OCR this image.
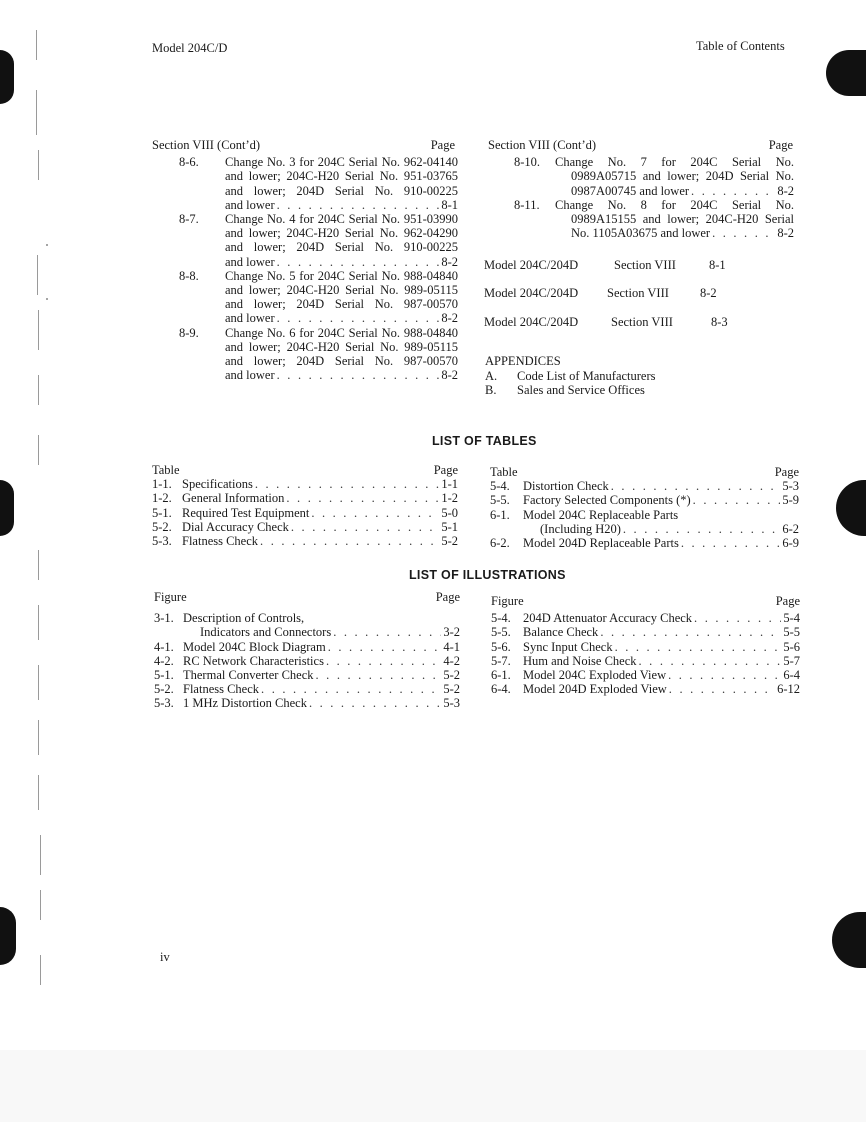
Model 204C/D	Table of Contents
Section VIII (Cont’d)	Page
8-6. Change No. 3 for 204C Serial No. 962-04140
and lower; 204C-H20 Serial No. 951-03765
and lower; 204D Serial No. 910-00225
and lower . . .	8-1
8-7. Change No. 4 for 204C Serial No. 951-03990
and lower; 204C-H20 Serial No. 962-04290
and lower; 204D Serial No. 910-00225
and lower . . .	8-2
8-8. Change No. 5 for 204C Serial No. 988-04840
and lower; 204C-H20 Serial No. 989-05115
and lower; 204D Serial No. 987-00570
and lower . . .	8-2
8-9. Change No. 6 for 204C Serial No. 988-04840
and lower; 204C-H20 Serial No. 989-05115
and lower; 204D Serial No. 987-00570
and lower . . .	8-2
Section VIII (Cont’d)	Page
8-10. Change No. 7 for 204C Serial No.
0989A05715 and lower; 204D Serial No.
0987A00745 and lower . . .	8-2
8-11. Change No. 8 for 204C Serial No.
0989A15155 and lower; 204C-H20 Serial
No. 1105A03675 and lower . . .	8-2
Model 204C/204D	Section VIII	8-1
Model 204C/204D Section VIII 8-2
Model 204C/204D	Section VIII	8-3
APPENDICES
A.	Code List of Manufacturers
B.	Sales and Service Offices
LIST OF TABLES
Table	Page
1-1. Specifications . . .	1-1
1-2. General Information . . .	1-2
5-1. Required Test Equipment . . .	5-0
5-2. Dial Accuracy Check . . .	5-1
5-3. Flatness Check . . .	5-2
Table	Page
5-4.	Distortion Check . . .	5-3
5-5.	Factory Selected Components (*) . . .	5-9
6-1.	Model 204C Replaceable Parts
(Including H20) . . .	6-2
6-2.	Model 204D Replaceable Parts . . .	6-9
LIST OF ILLUSTRATIONS
Figure	Page
3-1. Description of Controls,
Indicators and Connectors . . .	3-2
4-1. Model 204C Block Diagram . . .	4-1
4-2. RC Network Characteristics . . .	4-2
5-1. Thermal Converter Check . . .	5-2
5-2. Flatness Check . . .	5-2
5-3. 1 MHz Distortion Check . . .	5-3
Figure	Page
5-4. 204D Attenuator Accuracy Check . . .	5-4
5-5. Balance Check . . .	5-5
5-6. Sync Input Check . . .	5-6
5-7. Hum and Noise Check . . .	5-7
6-1. Model 204C Exploded View . . .	6-4
6-4. Model 204D Exploded View . . .	6-12
iv
